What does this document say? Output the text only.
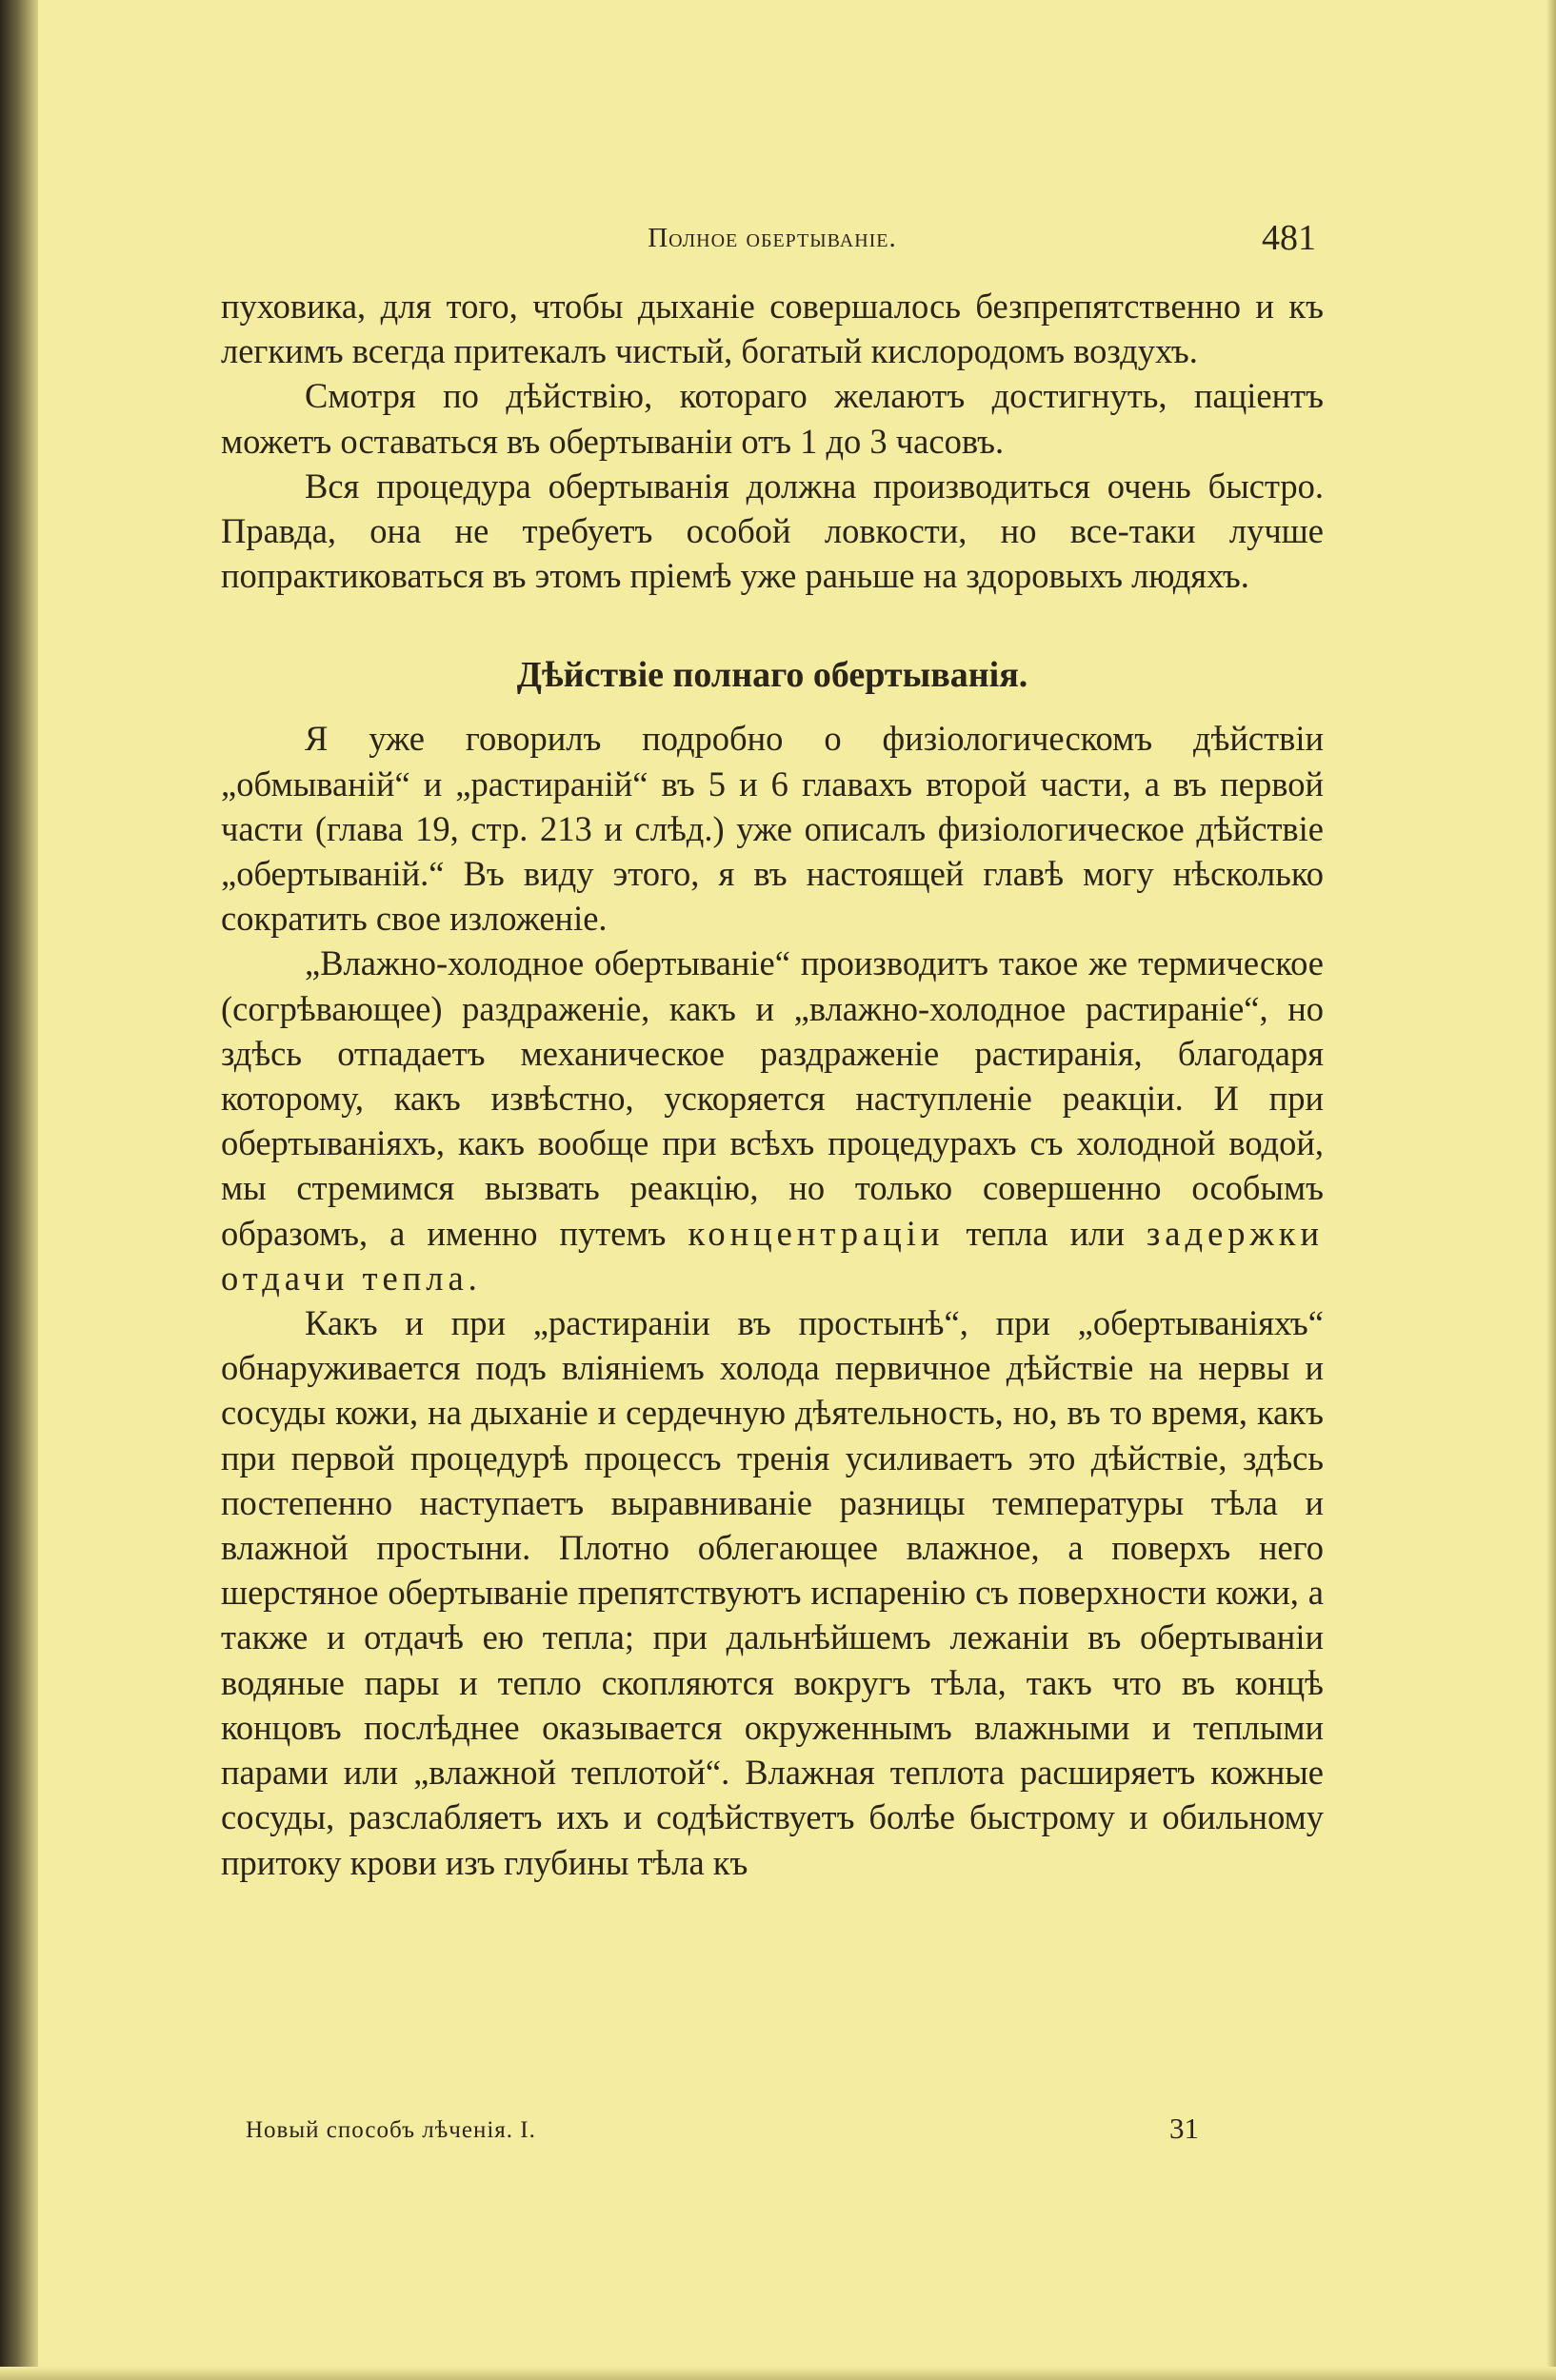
Полное обертываніе.	481

пуховика, для того, чтобы дыханіе совершалось безпрепятственно и къ легкимъ всегда притекалъ чистый, богатый кислородомъ воздухъ.

Смотря по дѣйствію, котораго желаютъ достигнуть, паціентъ можетъ оставаться въ обертываніи отъ 1 до 3 часовъ.

Вся процедура обертыванія должна производиться очень быстро. Правда, она не требуетъ особой ловкости, но все-таки лучше попрактиковаться въ этомъ пріемѣ уже раньше на здоровыхъ людяхъ.

Дѣйствіе полнаго обертыванія.

Я уже говорилъ подробно о физіологическомъ дѣйствіи „обмываній“ и „растираній“ въ 5 и 6 главахъ второй части, а въ первой части (глава 19, стр. 213 и слѣд.) уже описалъ физіологическое дѣйствіе „обертываній.“ Въ виду этого, я въ настоящей главѣ могу нѣсколько сократить свое изложеніе.

„Влажно-холодное обертываніе“ производитъ такое же термическое (согрѣвающее) раздраженіе, какъ и „влажно-холодное растираніе“, но здѣсь отпадаетъ механическое раздраженіе растиранія, благодаря которому, какъ извѣстно, ускоряется наступленіе реакціи. И при обертываніяхъ, какъ вообще при всѣхъ процедурахъ съ холодной водой, мы стремимся вызвать реакцію, но только совершенно особымъ образомъ, а именно путемъ концентраціи тепла или задержки отдачи тепла.

Какъ и при „растираніи въ простынѣ“, при „обертываніяхъ“ обнаруживается подъ вліяніемъ холода первичное дѣйствіе на нервы и сосуды кожи, на дыханіе и сердечную дѣятельность, но, въ то время, какъ при первой процедурѣ процессъ тренія усиливаетъ это дѣйствіе, здѣсь постепенно наступаетъ выравниваніе разницы температуры тѣла и влажной простыни. Плотно облегающее влажное, а поверхъ него шерстяное обертываніе препятствуютъ испаренію съ поверхности кожи, а также и отдачѣ ею тепла; при дальнѣйшемъ лежаніи въ обертываніи водяные пары и тепло скопляются вокругъ тѣла, такъ что въ концѣ концовъ послѣднее оказывается окруженнымъ влажными и теплыми парами или „влажной теплотой“. Влажная теплота расширяетъ кожные сосуды, разслабляетъ ихъ и содѣйствуетъ болѣе быстрому и обильному притоку крови изъ глубины тѣла къ

Новый способъ лѣченія. I.	31
